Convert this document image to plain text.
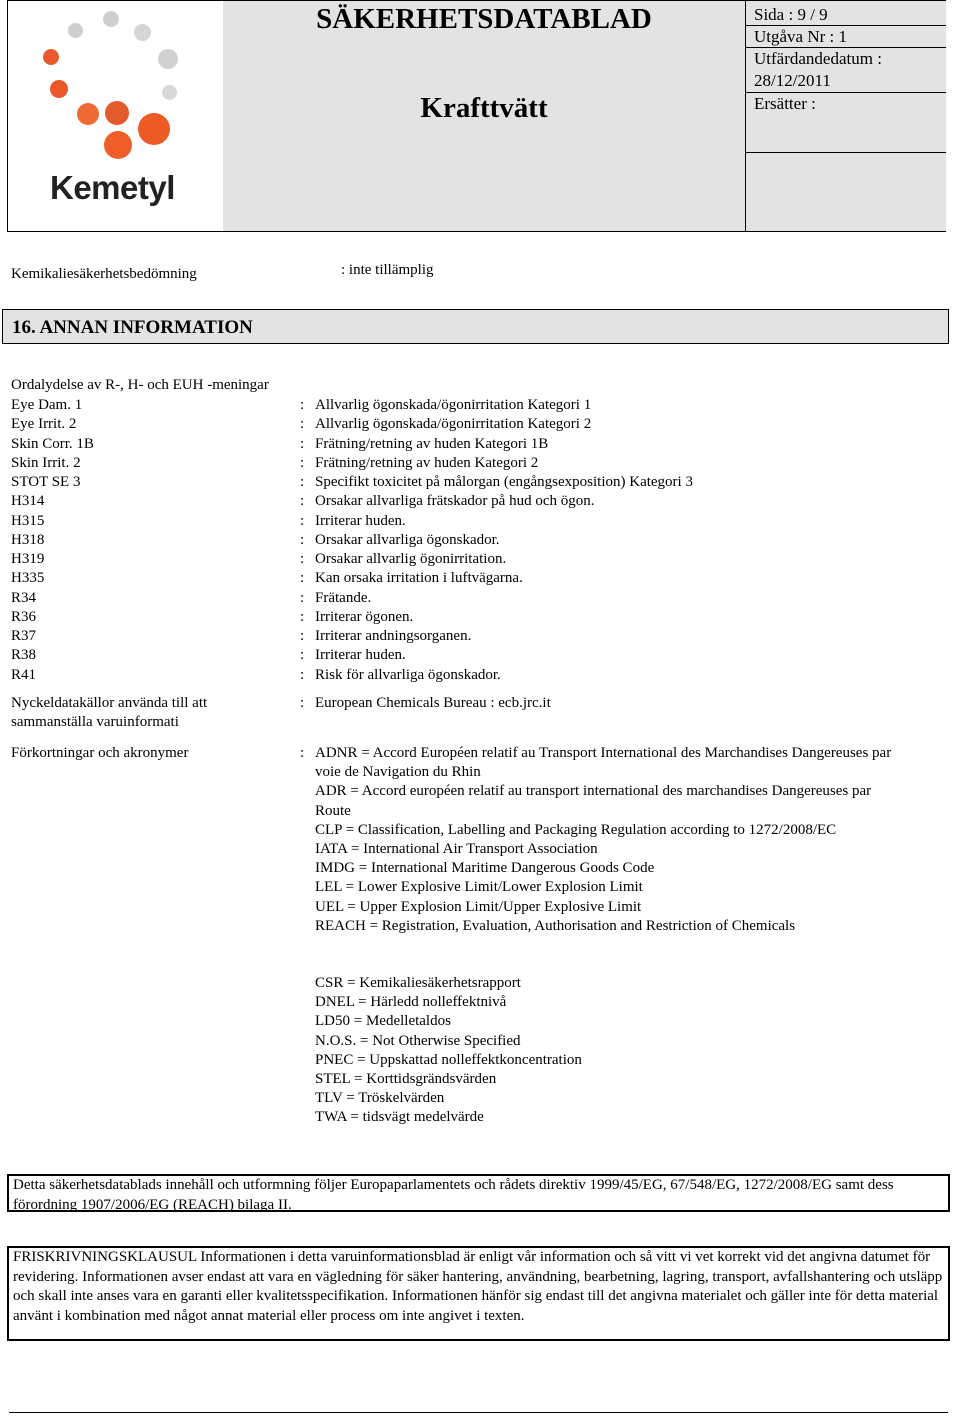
Kemetyl
SÄKERHETSDATABLAD
Krafttvätt
Sida : 9 / 9
Utgåva Nr : 1
Utfärdandedatum :
28/12/2011
Ersätter :
Kemikaliesäkerhetsbedömning	: inte tillämplig
16. ANNAN INFORMATION
Ordalydelse av R-, H- och EUH -meningar
Eye Dam. 1	: Allvarlig ögonskada/ögonirritation Kategori 1
Eye Irrit. 2	: Allvarlig ögonskada/ögonirritation Kategori 2
Skin Corr. 1B	: Frätning/retning av huden Kategori 1B
Skin Irrit. 2	: Frätning/retning av huden Kategori 2
STOT SE 3	: Specifikt toxicitet på målorgan (engångsexposition) Kategori 3
H314	: Orsakar allvarliga frätskador på hud och ögon.
H315	: Irriterar huden.
H318	: Orsakar allvarliga ögonskador.
H319	: Orsakar allvarlig ögonirritation.
H335	: Kan orsaka irritation i luftvägarna.
R34	: Frätande.
R36	: Irriterar ögonen.
R37	: Irriterar andningsorganen.
R38	: Irriterar huden.
R41	: Risk för allvarliga ögonskador.
Nyckeldatakällor använda till att
sammanställa varuinformati
: European Chemicals Bureau : ecb.jrc.it
Förkortningar och akronymer	: ADNR = Accord Européen relatif au Transport International des Marchandises Dangereuses par
voie de Navigation du Rhin
ADR = Accord européen relatif au transport international des marchandises Dangereuses par
Route
CLP = Classification, Labelling and Packaging Regulation according to 1272/2008/EC
IATA = International Air Transport Association
IMDG = International Maritime Dangerous Goods Code
LEL = Lower Explosive Limit/Lower Explosion Limit
UEL = Upper Explosion Limit/Upper Explosive Limit
REACH = Registration, Evaluation, Authorisation and Restriction of Chemicals
CSR = Kemikaliesäkerhetsrapport
DNEL = Härledd nolleffektnivå
LD50 = Medelletaldos
N.O.S. = Not Otherwise Specified
PNEC = Uppskattad nolleffektkoncentration
STEL = Korttidsgrändsvärden
TLV = Tröskelvärden
TWA = tidsvägt medelvärde
Detta säkerhetsdatablads innehåll och utformning följer Europaparlamentets och rådets direktiv 1999/45/EG, 67/548/EG, 1272/2008/EG samt dess förordning 1907/2006/EG (REACH) bilaga II.
FRISKRIVNINGSKLAUSUL Informationen i detta varuinformationsblad är enligt vår information och så vitt vi vet korrekt vid det angivna datumet för revidering. Informationen avser endast att vara en vägledning för säker hantering, användning, bearbetning, lagring, transport, avfallshantering och utsläpp och skall inte anses vara en garanti eller kvalitetsspecifikation. Informationen hänför sig endast till det angivna materialet och gäller inte för detta material använt i kombination med något annat material eller process om inte angivet i texten.
